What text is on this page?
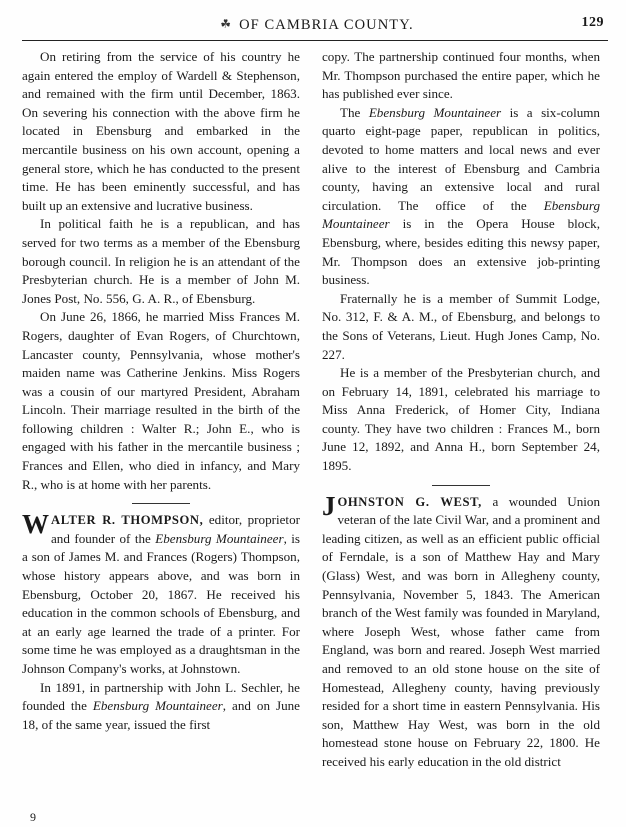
☘ OF CAMBRIA COUNTY.	129

On retiring from the service of his country he again entered the employ of Wardell & Stephenson, and remained with the firm until December, 1863. On severing his connection with the above firm he located in Ebensburg and embarked in the mercantile business on his own account, opening a general store, which he has conducted to the present time. He has been eminently successful, and has built up an extensive and lucrative business.

In political faith he is a republican, and has served for two terms as a member of the Ebensburg borough council. In religion he is an attendant of the Presbyterian church. He is a member of John M. Jones Post, No. 556, G. A. R., of Ebensburg.

On June 26, 1866, he married Miss Frances M. Rogers, daughter of Evan Rogers, of Churchtown, Lancaster county, Pennsylvania, whose mother's maiden name was Catherine Jenkins. Miss Rogers was a cousin of our martyred President, Abraham Lincoln. Their marriage resulted in the birth of the following children : Walter R.; John E., who is engaged with his father in the mercantile business ; Frances and Ellen, who died in infancy, and Mary R., who is at home with her parents.

WALTER R. THOMPSON, editor, proprietor and founder of the Ebensburg Mountaineer, is a son of James M. and Frances (Rogers) Thompson, whose history appears above, and was born in Ebensburg, October 20, 1867. He received his education in the common schools of Ebensburg, and at an early age learned the trade of a printer. For some time he was employed as a draughtsman in the Johnson Company's works, at Johnstown.

In 1891, in partnership with John L. Sechler, he founded the Ebensburg Mountaineer, and on June 18, of the same year, issued the first

copy. The partnership continued four months, when Mr. Thompson purchased the entire paper, which he has published ever since.

The Ebensburg Mountaineer is a six-column quarto eight-page paper, republican in politics, devoted to home matters and local news and ever alive to the interest of Ebensburg and Cambria county, having an extensive local and rural circulation. The office of the Ebensburg Mountaineer is in the Opera House block, Ebensburg, where, besides editing this newsy paper, Mr. Thompson does an extensive job-printing business.

Fraternally he is a member of Summit Lodge, No. 312, F. & A. M., of Ebensburg, and belongs to the Sons of Veterans, Lieut. Hugh Jones Camp, No. 227.

He is a member of the Presbyterian church, and on February 14, 1891, celebrated his marriage to Miss Anna Frederick, of Homer City, Indiana county. They have two children : Frances M., born June 12, 1892, and Anna H., born September 24, 1895.

JOHNSTON G. WEST, a wounded Union veteran of the late Civil War, and a prominent and leading citizen, as well as an efficient public official of Ferndale, is a son of Matthew Hay and Mary (Glass) West, and was born in Allegheny county, Pennsylvania, November 5, 1843. The American branch of the West family was founded in Maryland, where Joseph West, whose father came from England, was born and reared. Joseph West married and removed to an old stone house on the site of Homestead, Allegheny county, having previously resided for a short time in eastern Pennsylvania. His son, Matthew Hay West, was born in the old homestead stone house on February 22, 1800. He received his early education in the old district

9
